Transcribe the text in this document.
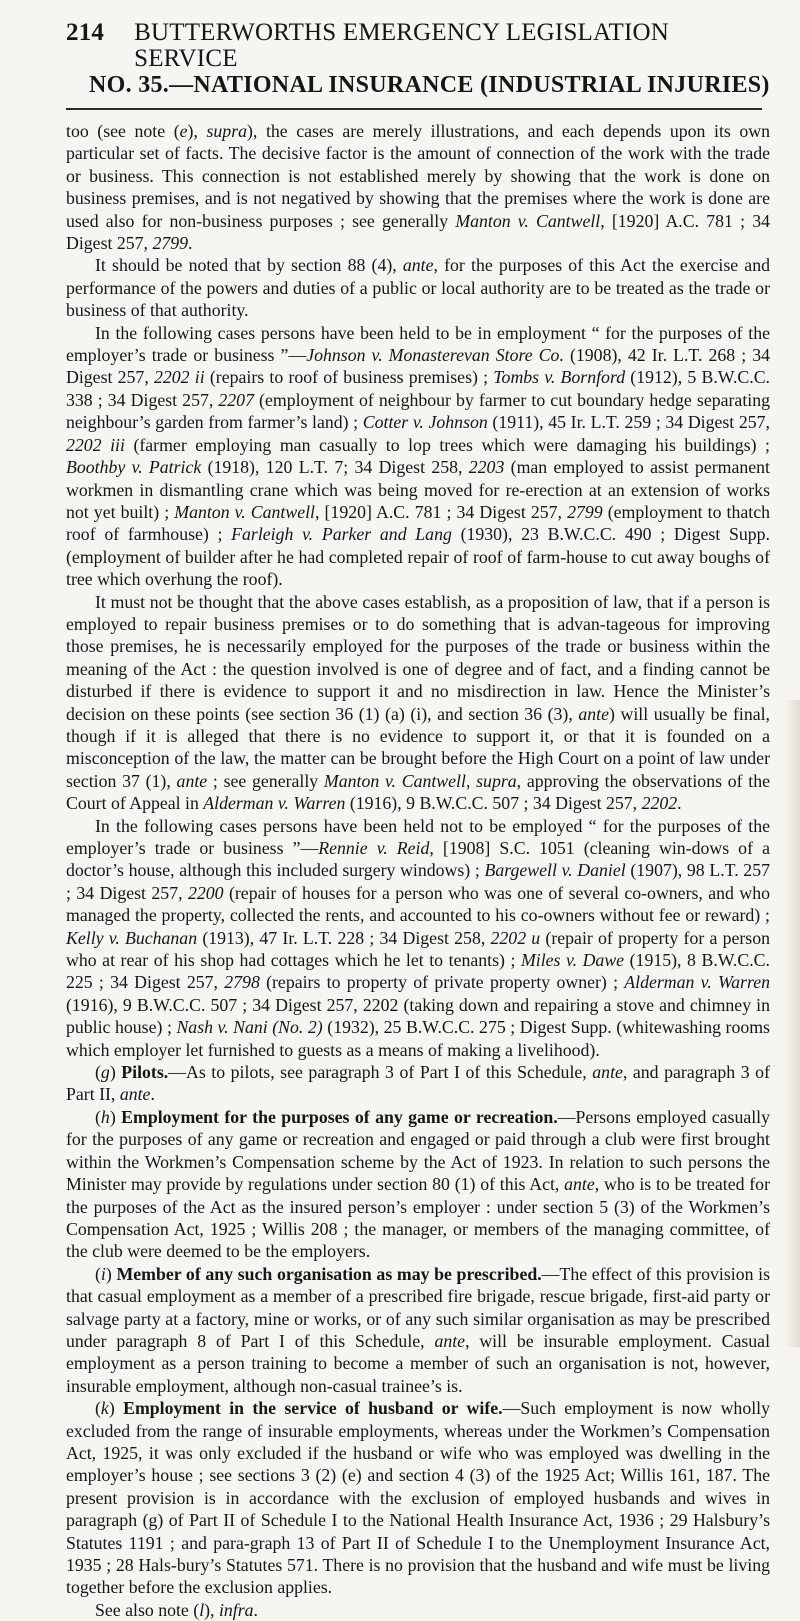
214 BUTTERWORTHS EMERGENCY LEGISLATION SERVICE
NO. 35.—NATIONAL INSURANCE (INDUSTRIAL INJURIES)

too (see note (e), supra), the cases are merely illustrations, and each depends upon its own particular set of facts. The decisive factor is the amount of connection of the work with the trade or business. This connection is not established merely by showing that the work is done on business premises, and is not negatived by showing that the premises where the work is done are used also for non-business purposes ; see generally Manton v. Cantwell, [1920] A.C. 781 ; 34 Digest 257, 2799.

It should be noted that by section 88 (4), ante, for the purposes of this Act the exercise and performance of the powers and duties of a public or local authority are to be treated as the trade or business of that authority.

In the following cases persons have been held to be in employment “ for the purposes of the employer’s trade or business ”—Johnson v. Monasterevan Store Co. (1908), 42 Ir. L.T. 268 ; 34 Digest 257, 2202 ii (repairs to roof of business premises) ; Tombs v. Bornford (1912), 5 B.W.C.C. 338 ; 34 Digest 257, 2207 (employment of neighbour by farmer to cut boundary hedge separating neighbour’s garden from farmer’s land) ; Cotter v. Johnson (1911), 45 Ir. L.T. 259 ; 34 Digest 257, 2202 iii (farmer employing man casually to lop trees which were damaging his buildings) ; Boothby v. Patrick (1918), 120 L.T. 7; 34 Digest 258, 2203 (man employed to assist permanent workmen in dismantling crane which was being moved for re-erection at an extension of works not yet built) ; Manton v. Cantwell, [1920] A.C. 781 ; 34 Digest 257, 2799 (employment to thatch roof of farmhouse) ; Farleigh v. Parker and Lang (1930), 23 B.W.C.C. 490 ; Digest Supp. (employment of builder after he had completed repair of roof of farm-house to cut away boughs of tree which overhung the roof).

It must not be thought that the above cases establish, as a proposition of law, that if a person is employed to repair business premises or to do something that is advan-tageous for improving those premises, he is necessarily employed for the purposes of the trade or business within the meaning of the Act : the question involved is one of degree and of fact, and a finding cannot be disturbed if there is evidence to support it and no misdirection in law. Hence the Minister’s decision on these points (see section 36 (1) (a) (i), and section 36 (3), ante) will usually be final, though if it is alleged that there is no evidence to support it, or that it is founded on a misconception of the law, the matter can be brought before the High Court on a point of law under section 37 (1), ante ; see generally Manton v. Cantwell, supra, approving the observations of the Court of Appeal in Alderman v. Warren (1916), 9 B.W.C.C. 507 ; 34 Digest 257, 2202.

In the following cases persons have been held not to be employed “ for the purposes of the employer’s trade or business ”—Rennie v. Reid, [1908] S.C. 1051 (cleaning win-dows of a doctor’s house, although this included surgery windows) ; Bargewell v. Daniel (1907), 98 L.T. 257 ; 34 Digest 257, 2200 (repair of houses for a person who was one of several co-owners, and who managed the property, collected the rents, and accounted to his co-owners without fee or reward) ; Kelly v. Buchanan (1913), 47 Ir. L.T. 228 ; 34 Digest 258, 2202 u (repair of property for a person who at rear of his shop had cottages which he let to tenants) ; Miles v. Dawe (1915), 8 B.W.C.C. 225 ; 34 Digest 257, 2798 (repairs to property of private property owner) ; Alderman v. Warren (1916), 9 B.W.C.C. 507 ; 34 Digest 257, 2202 (taking down and repairing a stove and chimney in public house) ; Nash v. Nani (No. 2) (1932), 25 B.W.C.C. 275 ; Digest Supp. (whitewashing rooms which employer let furnished to guests as a means of making a livelihood).

(g) Pilots.—As to pilots, see paragraph 3 of Part I of this Schedule, ante, and paragraph 3 of Part II, ante.

(h) Employment for the purposes of any game or recreation.—Persons employed casually for the purposes of any game or recreation and engaged or paid through a club were first brought within the Workmen’s Compensation scheme by the Act of 1923. In relation to such persons the Minister may provide by regulations under section 80 (1) of this Act, ante, who is to be treated for the purposes of the Act as the insured person’s employer : under section 5 (3) of the Workmen’s Compensation Act, 1925 ; Willis 208 ; the manager, or members of the managing committee, of the club were deemed to be the employers.

(i) Member of any such organisation as may be prescribed.—The effect of this provision is that casual employment as a member of a prescribed fire brigade, rescue brigade, first-aid party or salvage party at a factory, mine or works, or of any such similar organisation as may be prescribed under paragraph 8 of Part I of this Schedule, ante, will be insurable employment. Casual employment as a person training to become a member of such an organisation is not, however, insurable employment, although non-casual trainee’s is.

(k) Employment in the service of husband or wife.—Such employment is now wholly excluded from the range of insurable employments, whereas under the Workmen’s Compensation Act, 1925, it was only excluded if the husband or wife who was employed was dwelling in the employer’s house ; see sections 3 (2) (e) and section 4 (3) of the 1925 Act; Willis 161, 187. The present provision is in accordance with the exclusion of employed husbands and wives in paragraph (g) of Part II of Schedule I to the National Health Insurance Act, 1936 ; 29 Halsbury’s Statutes 1191 ; and para-graph 13 of Part II of Schedule I to the Unemployment Insurance Act, 1935 ; 28 Hals-bury’s Statutes 571. There is no provision that the husband and wife must be living together before the exclusion applies.

See also note (l), infra.
